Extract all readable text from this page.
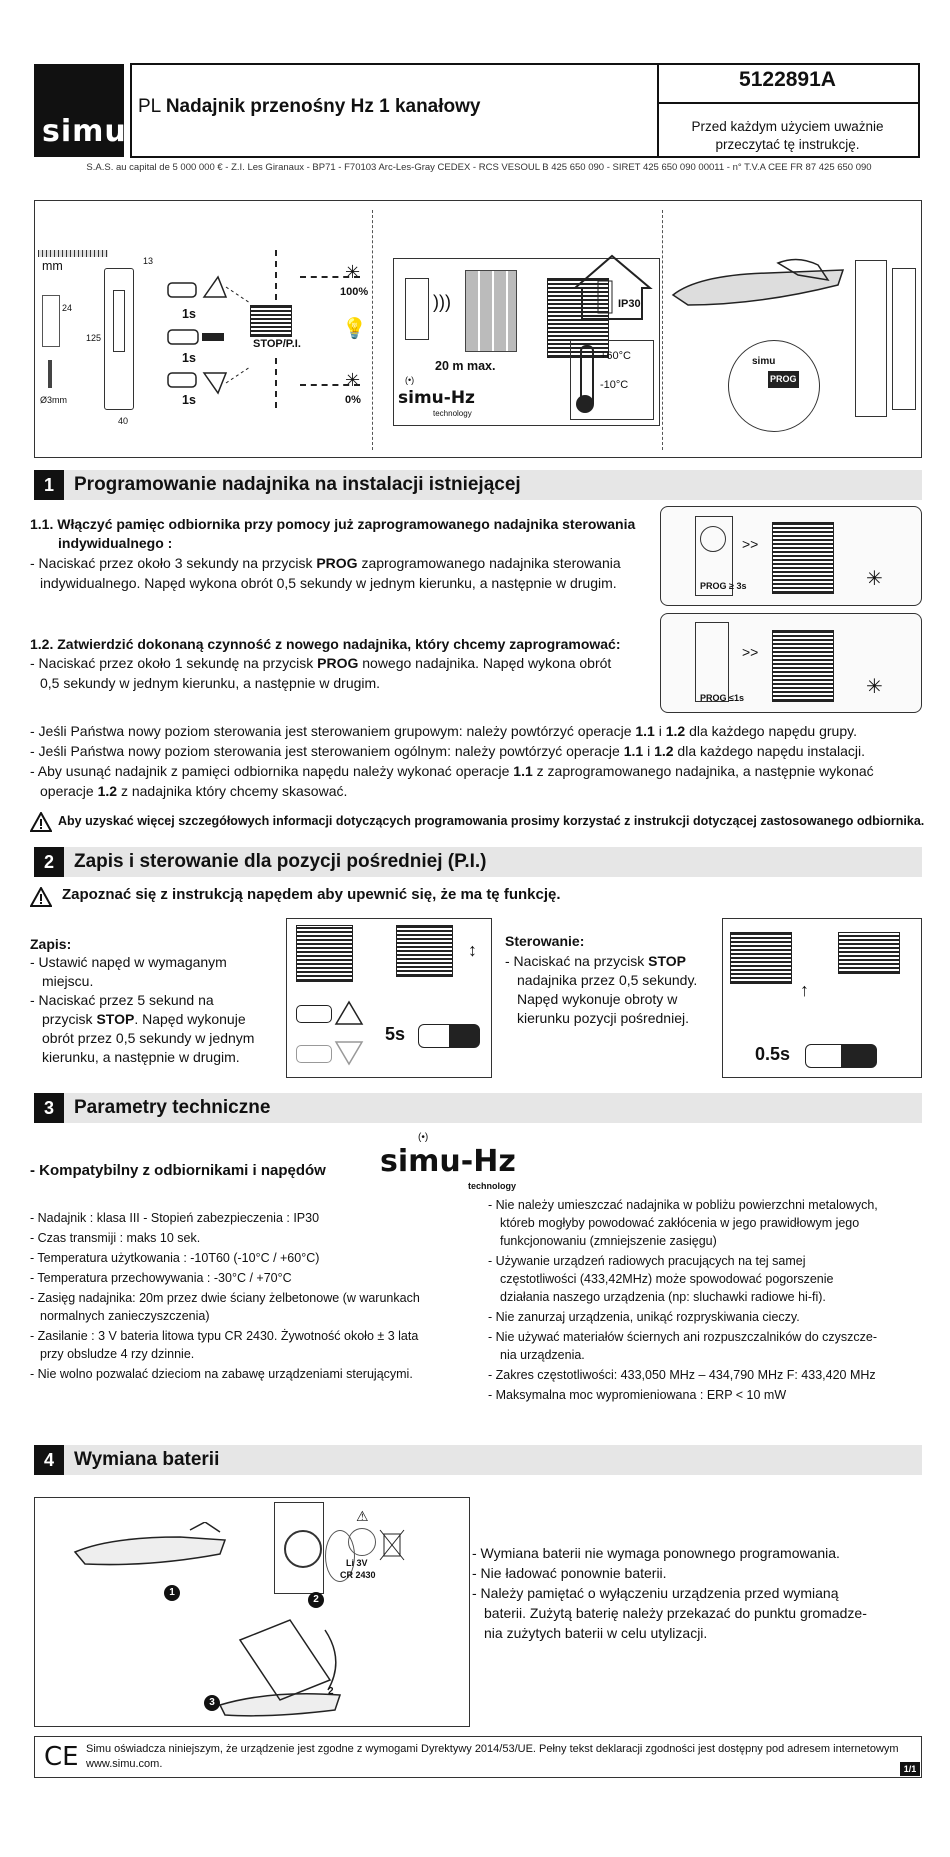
simu
PL Nadajnik przenośny Hz 1 kanałowy
5122891A
Przed każdym użyciem uważnie przeczytać tę instrukcję.
S.A.S. au capital de 5 000 000 € - Z.I. Les Giranaux - BP71 - F70103 Arc-Les-Gray CEDEX - RCS VESOUL B 425 650 090 - SIRET 425 650 090 00011 - n° T.V.A CEE FR 87 425 650 090
mm	13
24
125
Ø3mm
40
1s
1s
1s
STOP/P.I.
✳
100%
💡
✳
0%
)))
20 m max.
(•)
simu-Hz
technology
IP30
+60°C
-10°C
simu
PROG
1	Programowanie nadajnika na instalacji istniejącej
1.1. Włączyć pamięc odbiornika przy pomocy już zaprogramowanego nadajnika sterowania
indywidualnego :
- Naciskać przez około 3 sekundy na przycisk PROG zaprogramowanego nadajnika sterowania
indywidualnego. Napęd wykona obrót 0,5 sekundy w jednym kierunku, a następnie w drugim.	PROG ≥ 3s
>>
✳
1.2. Zatwierdzić dokonaną czynność z nowego nadajnika, który chcemy zaprogramować:
- Naciskać przez około 1 sekundę na przycisk PROG nowego nadajnika. Napęd wykona obrót
0,5 sekundy w jednym kierunku, a następnie w drugim.
PROG ≤1s
>>
✳
- Jeśli Państwa nowy poziom sterowania jest sterowaniem grupowym: należy powtórzyć operacje 1.1 i 1.2 dla każdego napędu grupy.
- Jeśli Państwa nowy poziom sterowania jest sterowaniem ogólnym: należy powtórzyć operacje 1.1 i 1.2 dla każdego napędu instalacji.
- Aby usunąć nadajnik z pamięci odbiornika napędu należy wykonać operacje 1.1 z zaprogramowanego nadajnika, a następnie wykonać
operacje 1.2 z nadajnika który chcemy skasować.
Aby uzyskać więcej szczegółowych informacji dotyczących programowania prosimy korzystać z instrukcji dotyczącej zastosowanego odbiornika.
2	Zapis i sterowanie dla pozycji pośredniej (P.I.)
Zapoznać się z instrukcją napędem aby upewnić się, że ma tę funkcję.
Zapis:
- Ustawić napęd w wymaganym
miejscu.
- Naciskać przez 5 sekund na
przycisk STOP. Napęd wykonuje
obrót przez 0,5 sekundy w jednym
kierunku, a następnie w drugim.
↕
5s
Sterowanie:
- Naciskać na przycisk STOP
nadajnika przez 0,5 sekundy.
Napęd wykonuje obroty w
kierunku pozycji pośredniej.
↑
0.5s
3	Parametry techniczne
- Kompatybilny z odbiornikami i napędów
(•)
simu-Hz
technology
- Nadajnik : klasa III - Stopień zabezpieczenia : IP30
- Czas transmiji : maks 10 sek.
- Temperatura użytkowania : -10T60 (-10°C / +60°C)
- Temperatura przechowywania : -30°C / +70°C
- Zasięg nadajnika: 20m przez dwie ściany żelbetonowe (w warunkach
normalnych zanieczyszczenia)
- Zasilanie : 3 V bateria litowa typu CR 2430. Żywotność około ± 3 lata
przy obsludze 4 rzy dzinnie.
- Nie wolno pozwalać dzieciom na zabawę urządzeniami sterującymi.
- Nie należy umieszczać nadajnika w pobliżu powierzchni metalowych,
któreb mogłyby powodować zakłócenia w jego prawidłowym jego
funkcjonowaniu (zmniejszenie zasięgu)
- Używanie urządzeń radiowych pracujących na tej samej
częstotliwości (433,42MHz) może spowodować pogorszenie
działania naszego urządzenia (np: sluchawki radiowe hi-fi).
- Nie zanurzaj urządzenia, unikąć rozpryskiwania cieczy.
- Nie używać materiałów ściernych ani rozpuszczalników do czyszcze-
nia urządzenia.
- Zakres częstotliwości: 433,050 MHz – 434,790 MHz F: 433,420 MHz
- Maksymalna moc wypromieniowana : ERP < 10 mW
4	Wymiana baterii
1
⚠
Li 3V
CR 2430
2
2
3
- Wymiana baterii nie wymaga ponownego programowania.
- Nie ładować ponownie baterii.
- Należy pamiętać o wyłączeniu urządzenia przed wymianą
baterii. Zużytą baterię należy przekazać do punktu gromadze-
nia zużytych baterii w celu utylizacji.
CE Simu oświadcza niniejszym, że urządzenie jest zgodne z wymogami Dyrektywy 2014/53/UE. Pełny tekst deklaracji zgodności jest dostępny pod adresem internetowym
www.simu.com.	1/1
